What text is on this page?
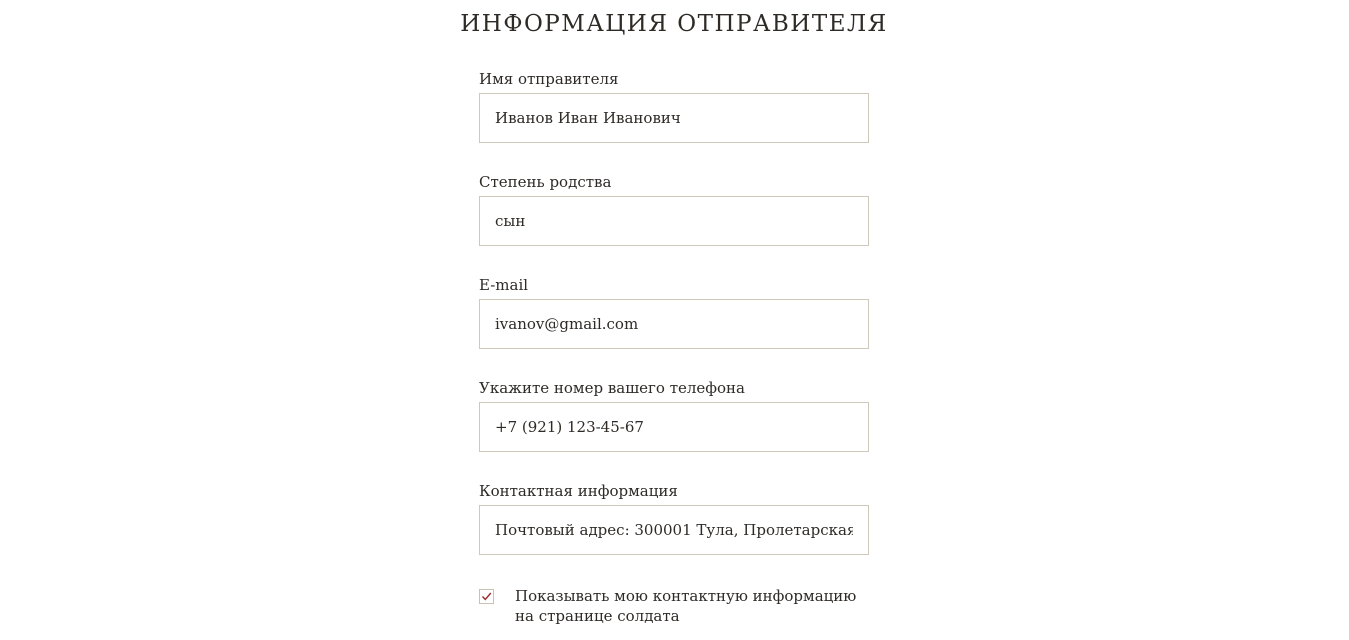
ИНФОРМАЦИЯ ОТПРАВИТЕЛЯ
Имя отправителя
Иванов Иван Иванович
Степень родства
сын
E-mail
ivanov@gmail.com
Укажите номер вашего телефона
+7 (921) 123-45-67
Контактная информация
Почтовый адрес: 300001 Тула, Пролетарская наб
Показывать мою контактную информацию на странице солдата
